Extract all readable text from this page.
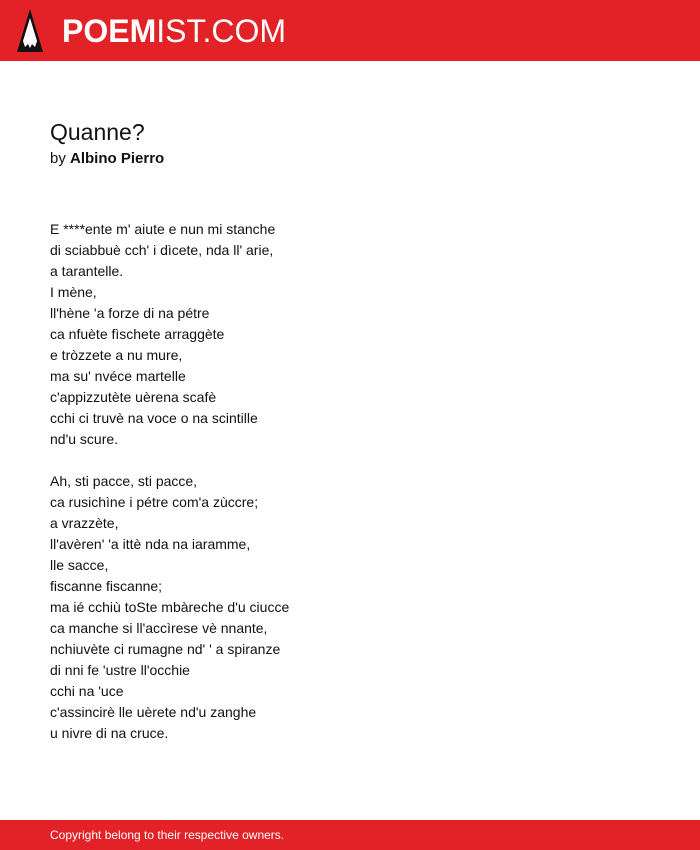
POEMIST.COM
Quanne?
by Albino Pierro
E ****ente m' aiute e nun mi stanche
di sciabbuè cch' i dìcete, nda ll' arie,
a tarantelle.
I mène,
ll'hène 'a forze di na pétre
ca nfuète fìschete arraggète
e tròzzete a nu mure,
ma su' nvéce martelle
c'appizzutète uèrena scafè
cchi ci truvè na voce o na scintille
nd'u scure.
Ah, sti pacce, sti pacce,
ca rusichìne i pétre com'a zùccre;
a vrazzète,
ll'avèren' 'a ittè nda na iaramme,
lle sacce,
fiscanne fiscanne;
ma ié cchiù toSte mbàreche d'u ciucce
ca manche si ll'accìrese vè nnante,
nchiuvète ci rumagne nd' ' a spiranze
di nni fe 'ustre ll'occhie
cchi na 'uce
c'assincirè lle uèrete nd'u zanghe
u nivre di na cruce.
Copyright belong to their respective owners.
